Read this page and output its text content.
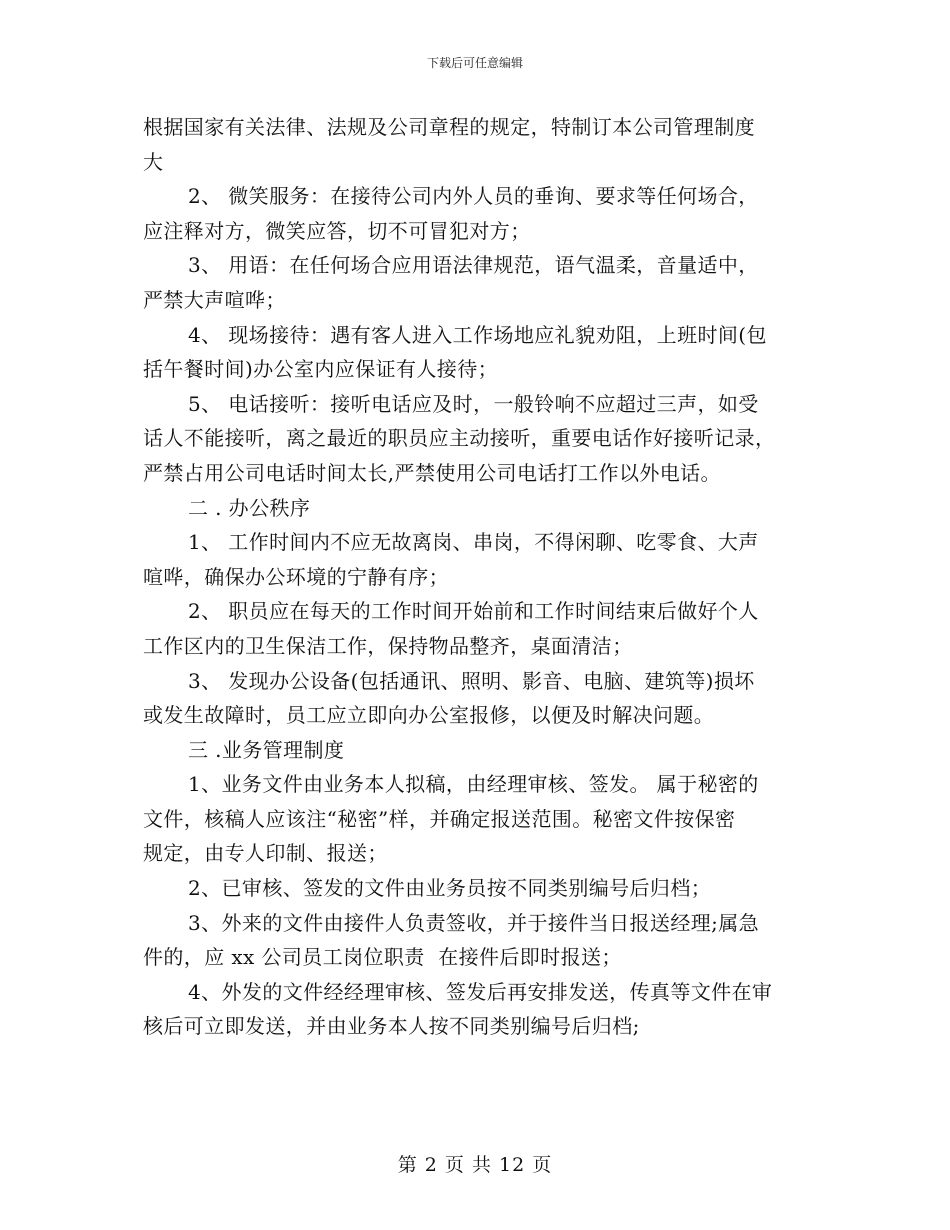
下载后可任意编辑
根据国家有关法律、法规及公司章程的规定，特制订本公司管理制度
大
2、 微笑服务：在接待公司内外人员的垂询、要求等任何场合，
应注释对方，微笑应答，切不可冒犯对方；
3、 用语：在任何场合应用语法律规范，语气温柔，音量适中，
严禁大声喧哗；
4、 现场接待：遇有客人进入工作场地应礼貌劝阻，上班时间(包
括午餐时间)办公室内应保证有人接待；
5、 电话接听：接听电话应及时，一般铃响不应超过三声，如受
话人不能接听，离之最近的职员应主动接听，重要电话作好接听记录，
严禁占用公司电话时间太长,严禁使用公司电话打工作以外电话。
二 . 办公秩序
1、 工作时间内不应无故离岗、串岗，不得闲聊、吃零食、大声
喧哗，确保办公环境的宁静有序；
2、 职员应在每天的工作时间开始前和工作时间结束后做好个人
工作区内的卫生保洁工作，保持物品整齐，桌面清洁；
3、 发现办公设备(包括通讯、照明、影音、电脑、建筑等)损坏
或发生故障时，员工应立即向办公室报修，以便及时解决问题。
三 .业务管理制度
1、业务文件由业务本人拟稿，由经理审核、签发。 属于秘密的
文件，核稿人应该注“秘密”样，并确定报送范围。秘密文件按保密
规定，由专人印制、报送；
2、已审核、签发的文件由业务员按不同类别编号后归档；
3、外来的文件由接件人负责签收，并于接件当日报送经理;属急
件的，应 xx 公司员工岗位职责  在接件后即时报送；
4、外发的文件经经理审核、签发后再安排发送，传真等文件在审
核后可立即发送，并由业务本人按不同类别编号后归档;
第 2 页 共 12 页
